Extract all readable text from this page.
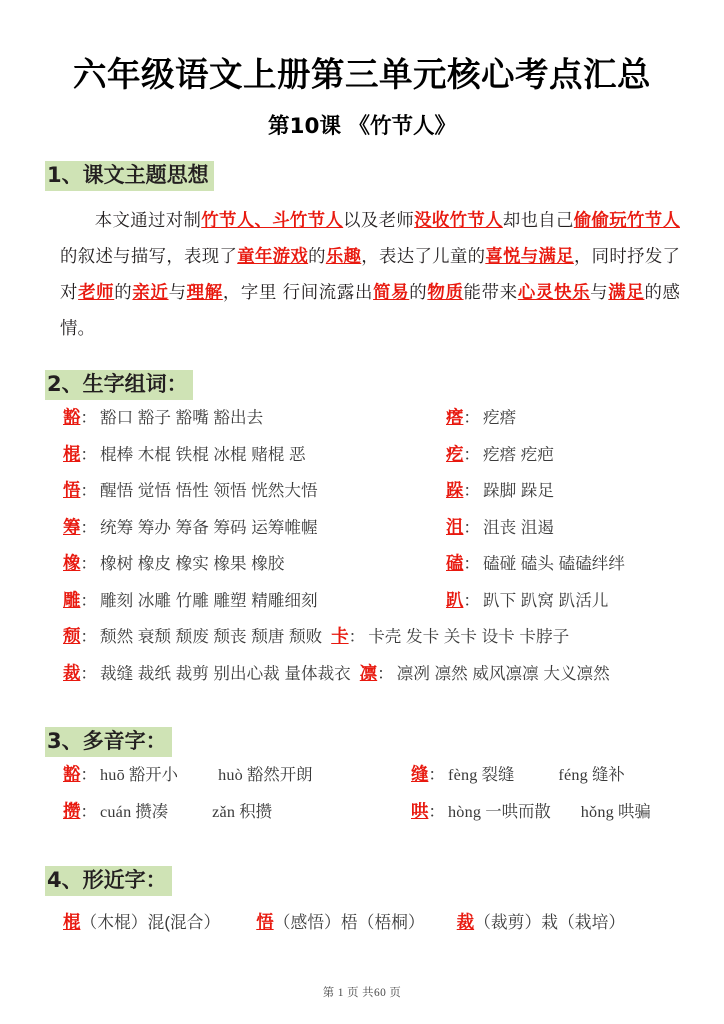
六年级语文上册第三单元核心考点汇总
第10课 《竹节人》
1、课文主题思想

本文通过对制竹节人、斗竹节人以及老师没收竹节人却也自己偷偷玩竹节人的叙述与描写，表现了童年游戏的乐趣，表达了儿童的喜悦与满足，同时抒发了对老师的亲近与理解，字里 行间流露出简易的物质能带来心灵快乐与满足的感情。

2、生字组词：
豁 ： 豁口 豁子 豁嘴 豁出去	瘩 ： 疙瘩
棍 ： 棍棒 木棍 铁棍 冰棍 赌棍 恶	疙 ： 疙瘩 疙疤
悟 ： 醒悟 觉悟 悟性 领悟 恍然大悟	跺 ： 跺脚 跺足
筹 ： 统筹 筹办 筹备 筹码 运筹帷幄	沮 ： 沮丧 沮遏
橡 ： 橡树 橡皮 橡实 橡果 橡胶	磕 ： 磕碰 磕头 磕磕绊绊
雕 ： 雕刻 冰雕 竹雕 雕塑 精雕细刻	趴 ： 趴下 趴窝 趴活儿
颓 ： 颓然 衰颓 颓废 颓丧 颓唐 颓败 卡 ： 卡壳 发卡 关卡 设卡 卡脖子
裁 ： 裁缝 裁纸 裁剪 别出心裁 量体裁衣 凛 ： 凛冽 凛然 威风凛凛 大义凛然
3、多音字：
豁 ： huō 豁开小 huò 豁然开朗	缝 ： fèng 裂缝	féng 缝补
攒 ： cuán 攒凑	zǎn 积攒	哄 ： hòng 一哄而散 hǒng 哄骗
4、形近字：
棍（木棍）混(混合） 悟（感悟）梧（梧桐） 裁（裁剪）栽（栽培）
第 1 页 共60 页
